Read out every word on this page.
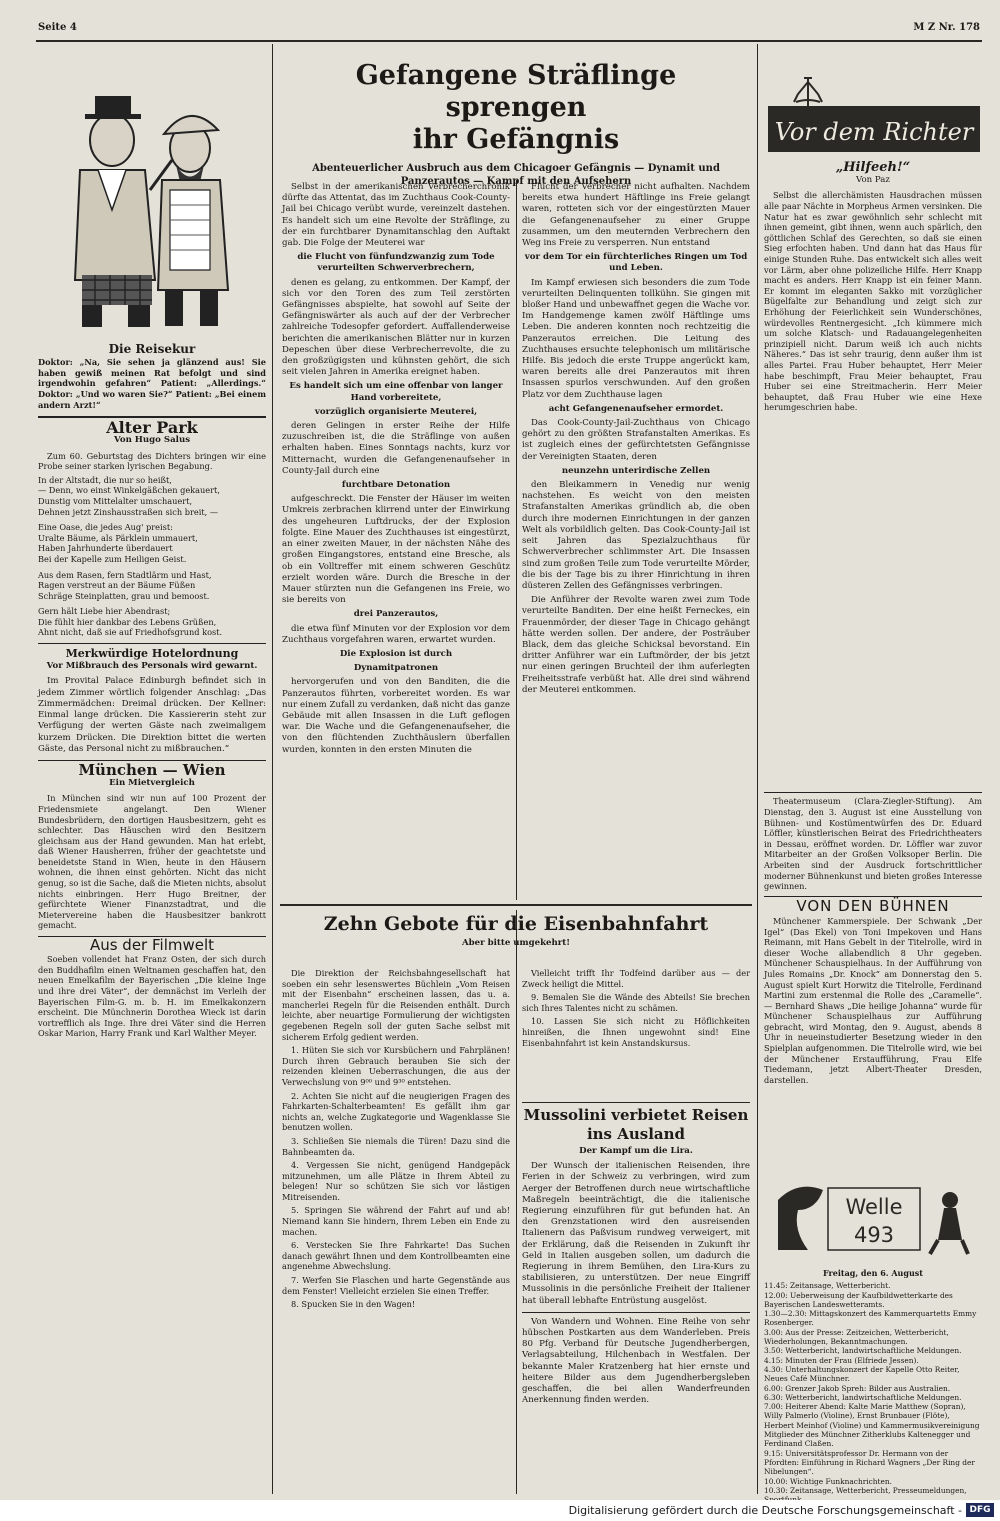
Seite 4	M Z Nr. 178
Die Reisekur
Doktor: „Na, Sie sehen ja glänzend aus! Sie haben gewiß meinen Rat befolgt und sind irgendwohin gefahren“ Patient: „Allerdings.“ Doktor: „Und wo waren Sie?“ Patient: „Bei einem andern Arzt!“
Alter Park
Von Hugo Salus

Zum 60. Geburtstag des Dichters bringen wir eine Probe seiner starken lyrischen Begabung.

In der Altstadt, die nur so heißt,
— Denn, wo einst Winkelgäßchen gekauert,
Dunstig vom Mittelalter umschauert,
Dehnen jetzt Zinshausstraßen sich breit, —
Eine Oase, die jedes Aug' preist:
Uralte Bäume, als Pärklein ummauert,
Haben Jahrhunderte überdauert
Bei der Kapelle zum Heiligen Geist.
Aus dem Rasen, fern Stadtlärm und Hast,
Ragen verstreut an der Bäume Füßen
Schräge Steinplatten, grau und bemoost.
Gern hält Liebe hier Abendrast;
Die fühlt hier dankbar des Lebens Grüßen,
Ahnt nicht, daß sie auf Friedhofsgrund kost.
Merkwürdige Hotelordnung
Vor Mißbrauch des Personals wird gewarnt.

Im Provital Palace Edinburgh befindet sich in jedem Zimmer wörtlich folgender Anschlag: „Das Zimmermädchen: Dreimal drücken. Der Kellner: Einmal lange drücken. Die Kassiererin steht zur Verfügung der werten Gäste nach zweimaligem kurzem Drücken. Die Direktion bittet die werten Gäste, das Personal nicht zu mißbrauchen.“

München — Wien
Ein Mietvergleich

In München sind wir nun auf 100 Prozent der Friedensmiete angelangt. Den Wiener Bundesbrüdern, den dortigen Hausbesitzern, geht es schlechter. Das Häuschen wird den Besitzern gleichsam aus der Hand gewunden. Man hat erlebt, daß Wiener Hausherren, früher der geachtetste und beneidetste Stand in Wien, heute in den Häusern wohnen, die ihnen einst gehörten. Nicht das nicht genug, so ist die Sache, daß die Mieten nichts, absolut nichts einbringen. Herr Hugo Breitner, der gefürchtete Wiener Finanzstadtrat, und die Mietervereine haben die Hausbesitzer bankrott gemacht.

Aus der Filmwelt

Soeben vollendet hat Franz Osten, der sich durch den Buddhafilm einen Weltnamen geschaffen hat, den neuen Emelkafilm der Bayerischen „Die kleine Inge und ihre drei Väter“, der demnächst im Verleih der Bayerischen Film-G. m. b. H. im Emelkakonzern erscheint. Die Münchnerin Dorothea Wieck ist darin vortrefflich als Inge. Ihre drei Väter sind die Herren Oskar Marion, Harry Frank und Karl Walther Meyer.

Gefangene Sträflinge sprengen
ihr Gefängnis
Abenteuerlicher Ausbruch aus dem Chicagoer Gefängnis — Dynamit und Panzerautos — Kampf mit den Aufsehern

Selbst in der amerikanischen Verbrecherchronik dürfte das Attentat, das im Zuchthaus Cook-County-Jail bei Chicago verübt wurde, vereinzelt dastehen. Es handelt sich um eine Revolte der Sträflinge, zu der ein furchtbarer Dynamitanschlag den Auftakt gab. Die Folge der Meuterei war

die Flucht von fünfundzwanzig zum Tode verurteilten Schwerverbrechern,

denen es gelang, zu entkommen. Der Kampf, der sich vor den Toren des zum Teil zerstörten Gefängnisses abspielte, hat sowohl auf Seite der Gefängniswärter als auch auf der der Verbrecher zahlreiche Todesopfer gefordert. Auffallenderweise berichten die amerikanischen Blätter nur in kurzen Depeschen über diese Verbrecherrevolte, die zu den großzügigsten und kühnsten gehört, die sich seit vielen Jahren in Amerika ereignet haben.

Es handelt sich um eine offenbar von langer Hand vorbereitete,

vorzüglich organisierte Meuterei,

deren Gelingen in erster Reihe der Hilfe zuzuschreiben ist, die die Sträflinge von außen erhalten haben. Eines Sonntags nachts, kurz vor Mitternacht, wurden die Gefangenenaufseher in County-Jail durch eine

furchtbare Detonation

aufgeschreckt. Die Fenster der Häuser im weiten Umkreis zerbrachen klirrend unter der Einwirkung des ungeheuren Luftdrucks, der der Explosion folgte. Eine Mauer des Zuchthauses ist eingestürzt, an einer zweiten Mauer, in der nächsten Nähe des großen Eingangstores, entstand eine Bresche, als ob ein Volltreffer mit einem schweren Geschütz erzielt worden wäre. Durch die Bresche in der Mauer stürzten nun die Gefangenen ins Freie, wo sie bereits von

drei Panzerautos,

die etwa fünf Minuten vor der Explosion vor dem Zuchthaus vorgefahren waren, erwartet wurden.

Die Explosion ist durch

Dynamitpatronen

hervorgerufen und von den Banditen, die die Panzerautos führten, vorbereitet worden. Es war nur einem Zufall zu verdanken, daß nicht das ganze Gebäude mit allen Insassen in die Luft geflogen war. Die Wache und die Gefangenenaufseher, die von den flüchtenden Zuchthäuslern überfallen wurden, konnten in den ersten Minuten die

Flucht der Verbrecher nicht aufhalten. Nachdem bereits etwa hundert Häftlinge ins Freie gelangt waren, rotteten sich vor der eingestürzten Mauer die Gefangenenaufseher zu einer Gruppe zusammen, um den meuternden Verbrechern den Weg ins Freie zu versperren. Nun entstand

vor dem Tor ein fürchterliches Ringen um Tod und Leben.

Im Kampf erwiesen sich besonders die zum Tode verurteilten Delinquenten tollkühn. Sie gingen mit bloßer Hand und unbewaffnet gegen die Wache vor. Im Handgemenge kamen zwölf Häftlinge ums Leben. Die anderen konnten noch rechtzeitig die Panzerautos erreichen. Die Leitung des Zuchthauses ersuchte telephonisch um militärische Hilfe. Bis jedoch die erste Truppe angerückt kam, waren bereits alle drei Panzerautos mit ihren Insassen spurlos verschwunden. Auf den großen Platz vor dem Zuchthause lagen

acht Gefangenenaufseher ermordet.

Das Cook-County-Jail-Zuchthaus von Chicago gehört zu den größten Strafanstalten Amerikas. Es ist zugleich eines der gefürchtetsten Gefängnisse der Vereinigten Staaten, deren

neunzehn unterirdische Zellen

den Bleikammern in Venedig nur wenig nachstehen. Es weicht von den meisten Strafanstalten Amerikas gründlich ab, die oben durch ihre modernen Einrichtungen in der ganzen Welt als vorbildlich gelten. Das Cook-County-Jail ist seit Jahren das Spezialzuchthaus für Schwerverbrecher schlimmster Art. Die Insassen sind zum großen Teile zum Tode verurteilte Mörder, die bis der Tage bis zu ihrer Hinrichtung in ihren düsteren Zellen des Gefängnisses verbringen.

Die Anführer der Revolte waren zwei zum Tode verurteilte Banditen. Der eine heißt Ferneckes, ein Frauenmörder, der dieser Tage in Chicago gehängt hätte werden sollen. Der andere, der Posträuber Black, dem das gleiche Schicksal bevorstand. Ein dritter Anführer war ein Luftmörder, der bis jetzt nur einen geringen Bruchteil der ihm auferlegten Freiheitsstrafe verbüßt hat. Alle drei sind während der Meuterei entkommen.

Zehn Gebote für die Eisenbahnfahrt
Aber bitte umgekehrt!

Die Direktion der Reichsbahngesellschaft hat soeben ein sehr lesenswertes Büchlein „Vom Reisen mit der Eisenbahn“ erscheinen lassen, das u. a. mancherlei Regeln für die Reisenden enthält. Durch leichte, aber neuartige Formulierung der wichtigsten gegebenen Regeln soll der guten Sache selbst mit sicherem Erfolg gedient werden.

1. Hüten Sie sich vor Kursbüchern und Fahrplänen! Durch ihren Gebrauch berauben Sie sich der reizenden kleinen Ueberraschungen, die aus der Verwechslung von 9⁰⁰ und 9³⁰ entstehen.

2. Achten Sie nicht auf die neugierigen Fragen des Fahrkarten-Schalterbeamten! Es gefällt ihm gar nichts an, welche Zugkategorie und Wagenklasse Sie benutzen wollen.

3. Schließen Sie niemals die Türen! Dazu sind die Bahnbeamten da.

4. Vergessen Sie nicht, genügend Handgepäck mitzunehmen, um alle Plätze in Ihrem Abteil zu belegen! Nur so schützen Sie sich vor lästigen Mitreisenden.

5. Springen Sie während der Fahrt auf und ab! Niemand kann Sie hindern, Ihrem Leben ein Ende zu machen.

6. Verstecken Sie Ihre Fahrkarte! Das Suchen danach gewährt Ihnen und dem Kontrollbeamten eine angenehme Abwechslung.

7. Werfen Sie Flaschen und harte Gegenstände aus dem Fenster! Vielleicht erzielen Sie einen Treffer.

8. Spucken Sie in den Wagen!

Vielleicht trifft Ihr Todfeind darüber aus — der Zweck heiligt die Mittel.

9. Bemalen Sie die Wände des Abteils! Sie brechen sich Ihres Talentes nicht zu schämen.

10. Lassen Sie sich nicht zu Höflichkeiten hinreißen, die Ihnen ungewohnt sind! Eine Eisenbahnfahrt ist kein Anstandskursus.

Mussolini verbietet Reisen
ins Ausland
Der Kampf um die Lira.

Der Wunsch der italienischen Reisenden, ihre Ferien in der Schweiz zu verbringen, wird zum Aerger der Betroffenen durch neue wirtschaftliche Maßregeln beeinträchtigt, die die italienische Regierung einzuführen für gut befunden hat. An den Grenzstationen wird den ausreisenden Italienern das Paßvisum rundweg verweigert, mit der Erklärung, daß die Reisenden in Zukunft ihr Geld in Italien ausgeben sollen, um dadurch die Regierung in ihrem Bemühen, den Lira-Kurs zu stabilisieren, zu unterstützen. Der neue Eingriff Mussolinis in die persönliche Freiheit der Italiener hat überall lebhafte Entrüstung ausgelöst.

Von Wandern und Wohnen. Eine Reihe von sehr hübschen Postkarten aus dem Wanderleben. Preis 80 Pfg. Verband für Deutsche Jugendherbergen, Verlagsabteilung, Hilchenbach in Westfalen. Der bekannte Maler Kratzenberg hat hier ernste und heitere Bilder aus dem Jugendherbergsleben geschaffen, die bei allen Wanderfreunden Anerkennung finden werden.

Vor dem Richter
„Hilfeeh!“
Von Paz

Selbst die allerchämisten Hausdrachen müssen alle paar Nächte in Morpheus Armen versinken. Die Natur hat es zwar gewöhnlich sehr schlecht mit ihnen gemeint, gibt ihnen, wenn auch spärlich, den göttlichen Schlaf des Gerechten, so daß sie einen Sieg erfochten haben. Und dann hat das Haus für einige Stunden Ruhe. Das entwickelt sich alles weit vor Lärm, aber ohne polizeiliche Hilfe. Herr Knapp macht es anders. Herr Knapp ist ein feiner Mann. Er kommt im eleganten Sakko mit vorzüglicher Bügelfalte zur Behandlung und zeigt sich zur Erhöhung der Feierlichkeit sein Wunderschönes, würdevolles Rentnergesicht. „Ich kümmere mich um solche Klatsch- und Radauangelegenheiten prinzipiell nicht. Darum weiß ich auch nichts Näheres.“ Das ist sehr traurig, denn außer ihm ist alles Partei. Frau Huber behauptet, Herr Meier habe beschimpft, Frau Meier behauptet, Frau Huber sei eine Streitmacherin. Herr Meier behauptet, daß Frau Huber wie eine Hexe herumgeschrien habe.

Theatermuseum (Clara-Ziegler-Stiftung). Am Dienstag, den 3. August ist eine Ausstellung von Bühnen- und Kostümentwürfen des Dr. Eduard Löffler, künstlerischen Beirat des Friedrichtheaters in Dessau, eröffnet worden. Dr. Löffler war zuvor Mitarbeiter an der Großen Volksoper Berlin. Die Arbeiten sind der Ausdruck fortschrittlicher moderner Bühnenkunst und bieten großes Interesse gewinnen.

VON DEN BÜHNEN

Münchener Kammerspiele. Der Schwank „Der Igel“ (Das Ekel) von Toni Impekoven und Hans Reimann, mit Hans Gebelt in der Titelrolle, wird in dieser Woche allabendlich 8 Uhr gegeben. Münchener Schauspielhaus. In der Aufführung von Jules Romains „Dr. Knock“ am Donnerstag den 5. August spielt Kurt Horwitz die Titelrolle, Ferdinand Martini zum erstenmal die Rolle des „Caramelle“. — Bernhard Shaws „Die heilige Johanna“ wurde für Münchener Schauspielhaus zur Aufführung gebracht, wird Montag, den 9. August, abends 8 Uhr in neueinstudierter Besetzung wieder in den Spielplan aufgenommen. Die Titelrolle wird, wie bei der Münchener Erstaufführung, Frau Elfe Tiedemann, jetzt Albert-Theater Dresden, darstellen.

Welle
493
Freitag, den 6. August
11.45: Zeitansage, Wetterbericht.
12.00: Ueberweisung der Kaufbildwetterkarte des Bayerischen Landeswetteramts.
1.30—2.30: Mittagskonzert des Kammerquartetts Emmy Rosenberger.
3.00: Aus der Presse: Zeitzeichen, Wetterbericht, Wiederholungen, Bekanntmachungen.
3.50: Wetterbericht, landwirtschaftliche Meldungen.
4.15: Minuten der Frau (Elfriede Jessen).
4.30: Unterhaltungskonzert der Kapelle Otto Reiter, Neues Café Münchner.
6.00: Grenzer Jakob Spreh: Bilder aus Australien.
6.30: Wetterbericht, landwirtschaftliche Meldungen.
7.00: Heiterer Abend: Kalte Marie Matthew (Sopran), Willy Palmerlo (Violine), Ernst Brunbauer (Flöte), Herbert Meinhof (Violine) und Kammermusikvereinigung Mitglieder des Münchner Zitherklubs Kaltenegger und Ferdinand Claßen.
9.15: Universitätsprofessor Dr. Hermann von der Pfordten: Einführung in Richard Wagners „Der Ring der Nibelungen“.
10.00: Wichtige Funknachrichten.
10.30: Zeitansage, Wetterbericht, Presseumeldungen,
Digitalisierung gefördert durch die Deutsche Forschungsgemeinschaft - DFG
